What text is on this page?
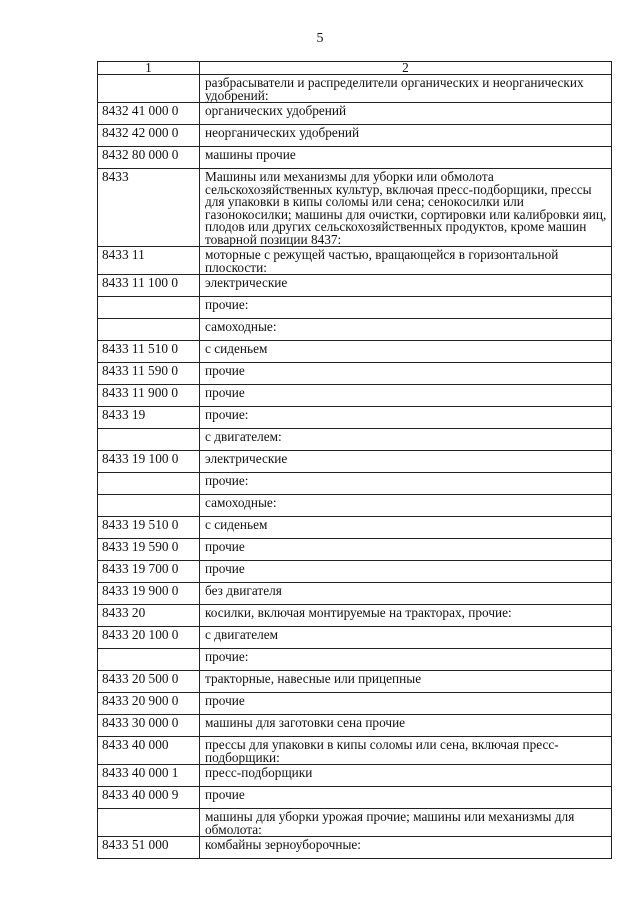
5
1	2
	разбрасыватели и распределители органических и неорганических удобрений:
8432 41 000 0	органических удобрений
8432 42 000 0	неорганических удобрений
8432 80 000 0	машины прочие
8433	Машины или механизмы для уборки или обмолота сельскохозяйственных культур, включая пресс-подборщики, прессы для упаковки в кипы соломы или сена; сенокосилки или газонокосилки; машины для очистки, сортировки или калибровки яиц, плодов или других сельскохозяйственных продуктов, кроме машин товарной позиции 8437:
8433 11	моторные с режущей частью, вращающейся в горизонтальной плоскости:
8433 11 100 0	электрические
	прочие:
	самоходные:
8433 11 510 0	с сиденьем
8433 11 590 0	прочие
8433 11 900 0	прочие
8433 19	прочие:
	с двигателем:
8433 19 100 0	электрические
	прочие:
	самоходные:
8433 19 510 0	с сиденьем
8433 19 590 0	прочие
8433 19 700 0	прочие
8433 19 900 0	без двигателя
8433 20	косилки, включая монтируемые на тракторах, прочие:
8433 20 100 0	с двигателем
	прочие:
8433 20 500 0	тракторные, навесные или прицепные
8433 20 900 0	прочие
8433 30 000 0	машины для заготовки сена прочие
8433 40 000	прессы для упаковки в кипы соломы или сена, включая пресс-подборщики:
8433 40 000 1	пресс-подборщики
8433 40 000 9	прочие
	машины для уборки урожая прочие; машины или механизмы для обмолота:
8433 51 000	комбайны зерноуборочные:
